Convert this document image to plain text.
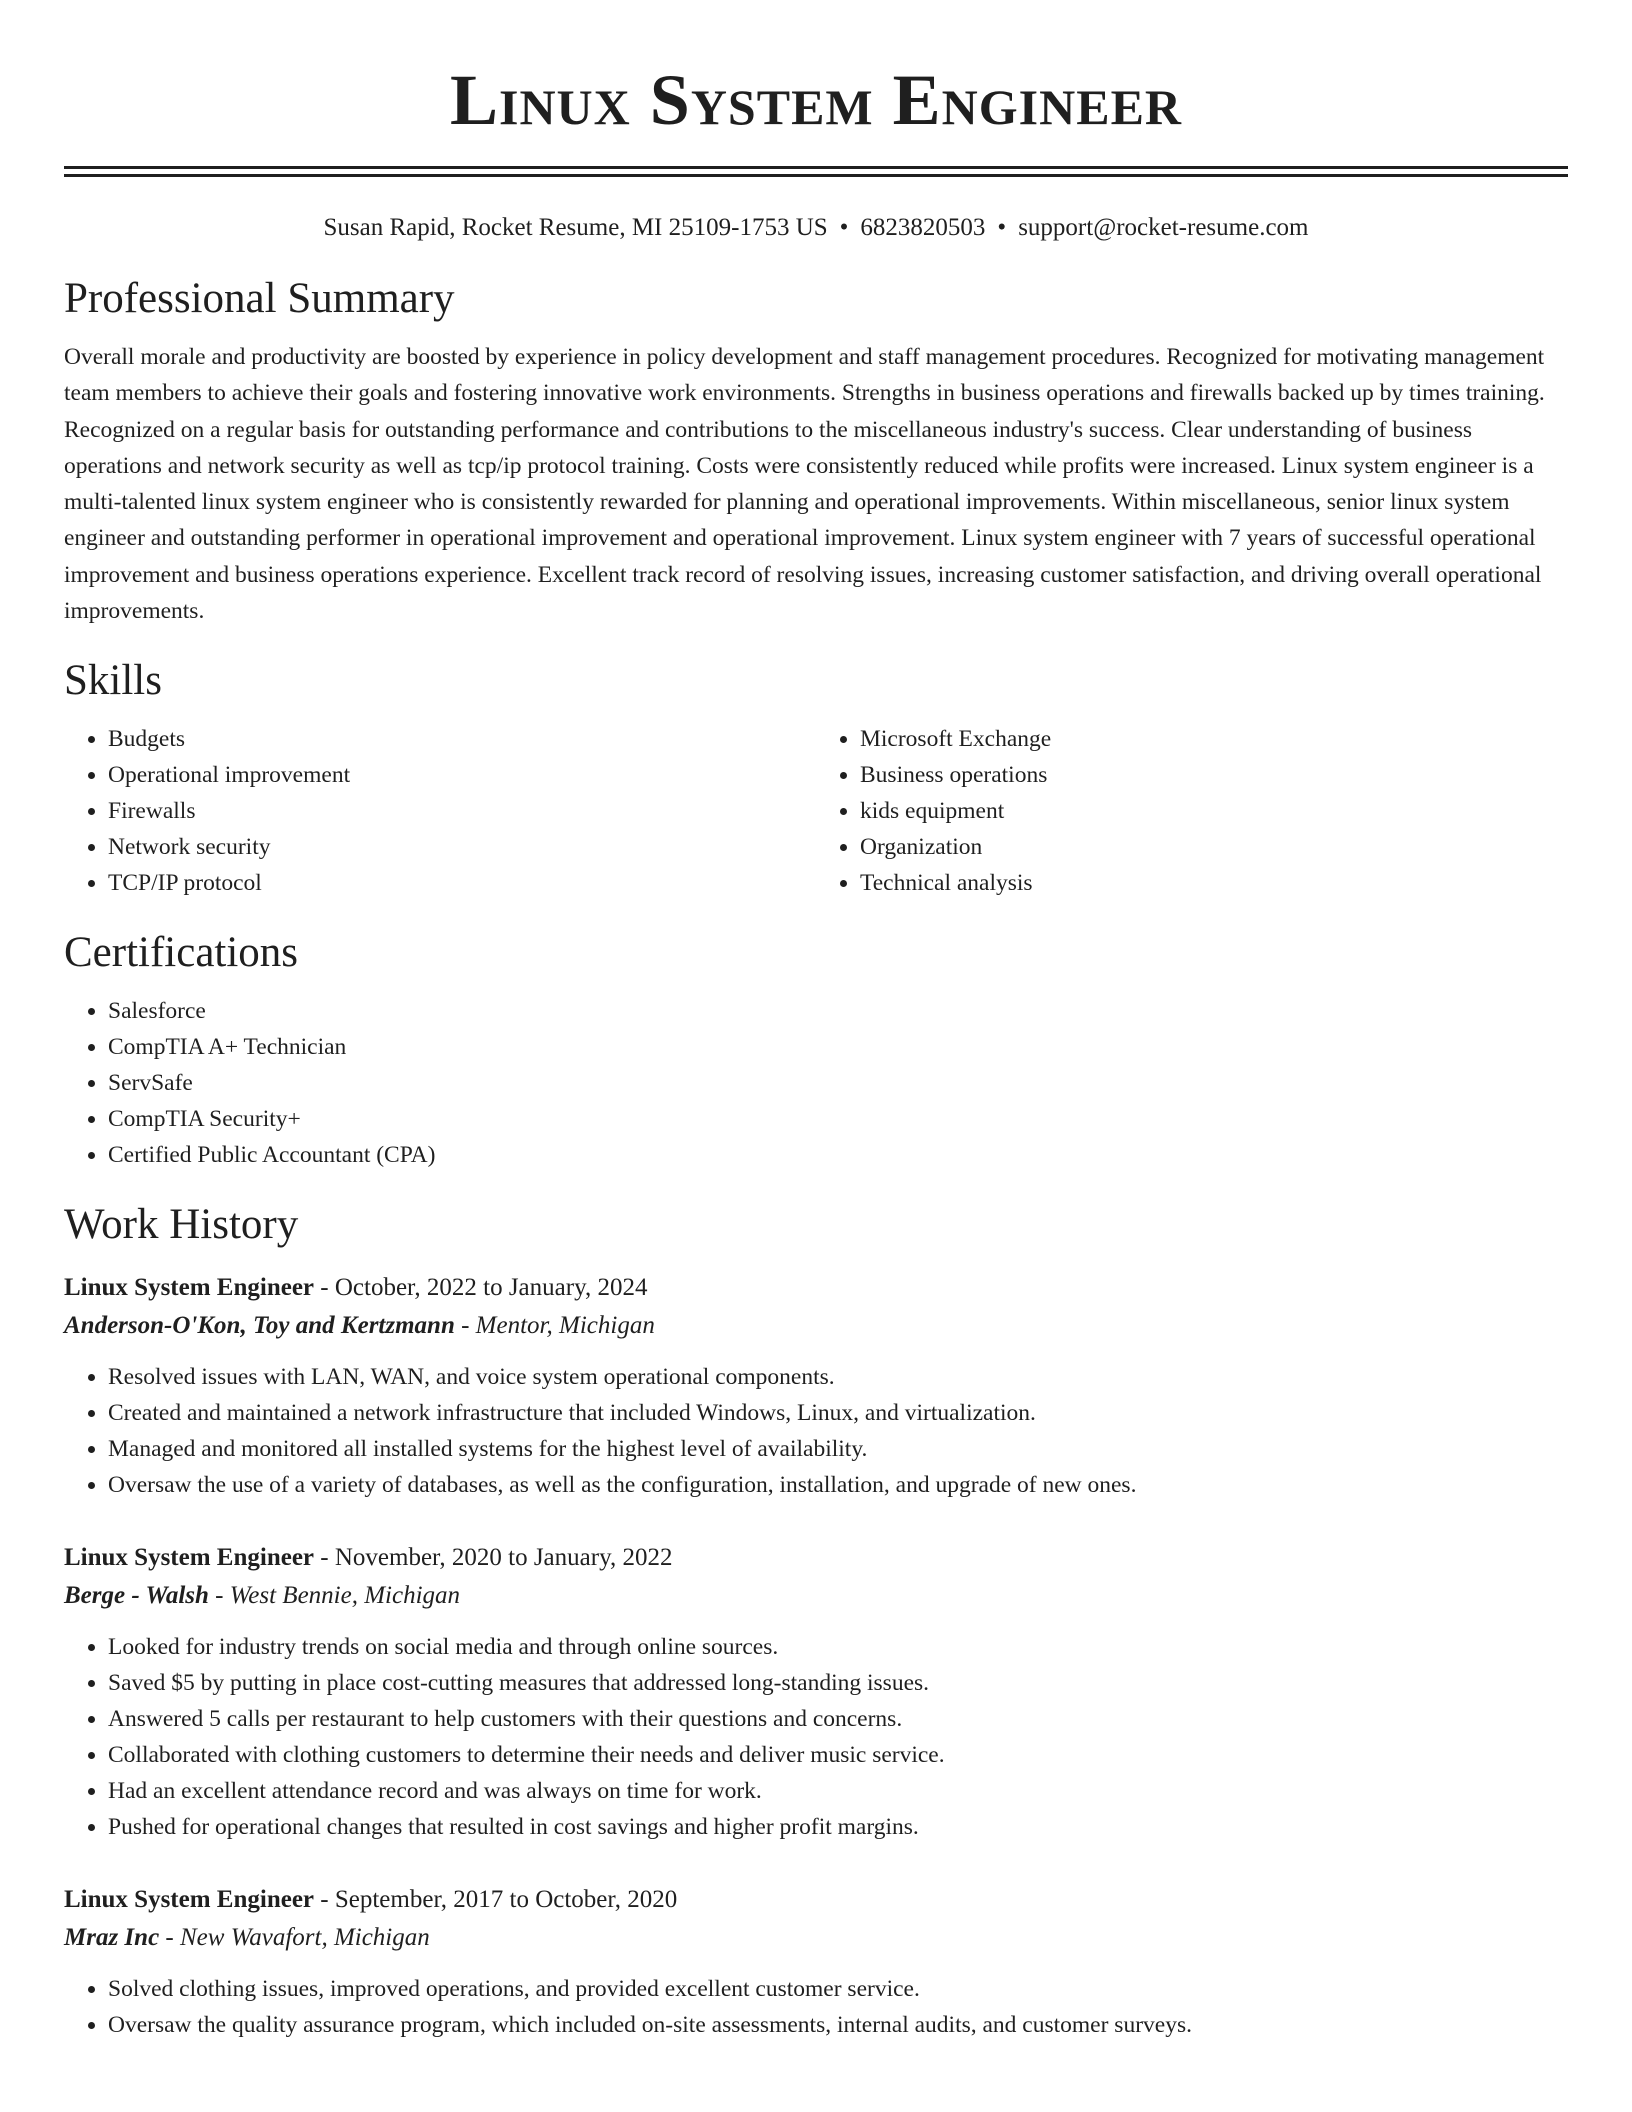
Linux System Engineer
Susan Rapid, Rocket Resume, MI 25109-1753 US • 6823820503 • support@rocket-resume.com
Professional Summary

Overall morale and productivity are boosted by experience in policy development and staff management procedures. Recognized for motivating management team members to achieve their goals and fostering innovative work environments. Strengths in business operations and firewalls backed up by times training. Recognized on a regular basis for outstanding performance and contributions to the miscellaneous industry's success. Clear understanding of business operations and network security as well as tcp/ip protocol training. Costs were consistently reduced while profits were increased. Linux system engineer is a multi-talented linux system engineer who is consistently rewarded for planning and operational improvements. Within miscellaneous, senior linux system engineer and outstanding performer in operational improvement and operational improvement. Linux system engineer with 7 years of successful operational improvement and business operations experience. Excellent track record of resolving issues, increasing customer satisfaction, and driving overall operational improvements.

Skills
• Budgets
• Operational improvement
• Firewalls
• Network security
• TCP/IP protocol
• Microsoft Exchange
• Business operations
• kids equipment
• Organization
• Technical analysis
Certifications
• Salesforce
• CompTIA A+ Technician
• ServSafe
• CompTIA Security+
• Certified Public Accountant (CPA)
Work History
Linux System Engineer - October, 2022 to January, 2024
Anderson-O'Kon, Toy and Kertzmann - Mentor, Michigan
• Resolved issues with LAN, WAN, and voice system operational components.
• Created and maintained a network infrastructure that included Windows, Linux, and virtualization.
• Managed and monitored all installed systems for the highest level of availability.
• Oversaw the use of a variety of databases, as well as the configuration, installation, and upgrade of new ones.
Linux System Engineer - November, 2020 to January, 2022
Berge - Walsh - West Bennie, Michigan
• Looked for industry trends on social media and through online sources.
• Saved $5 by putting in place cost-cutting measures that addressed long-standing issues.
• Answered 5 calls per restaurant to help customers with their questions and concerns.
• Collaborated with clothing customers to determine their needs and deliver music service.
• Had an excellent attendance record and was always on time for work.
• Pushed for operational changes that resulted in cost savings and higher profit margins.
Linux System Engineer - September, 2017 to October, 2020
Mraz Inc - New Wavafort, Michigan
• Solved clothing issues, improved operations, and provided excellent customer service.
• Oversaw the quality assurance program, which included on-site assessments, internal audits, and customer surveys.
